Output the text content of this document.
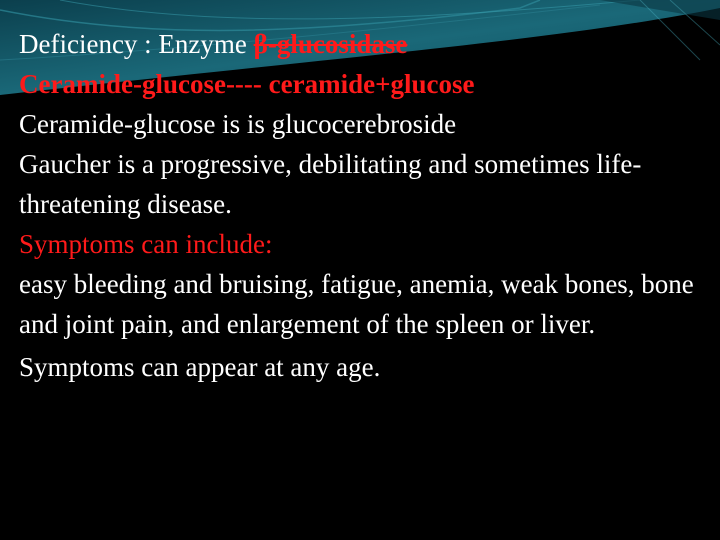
Deficiency : Enzyme β-glucosidase
Ceramide-glucose---- ceramide+glucose
Ceramide-glucose is is glucocerebroside
Gaucher is a progressive, debilitating and sometimes life-threatening disease.
Symptoms can include:
easy bleeding and bruising, fatigue, anemia, weak bones, bone and joint pain, and enlargement of the spleen or liver.
Symptoms can appear at any age.
